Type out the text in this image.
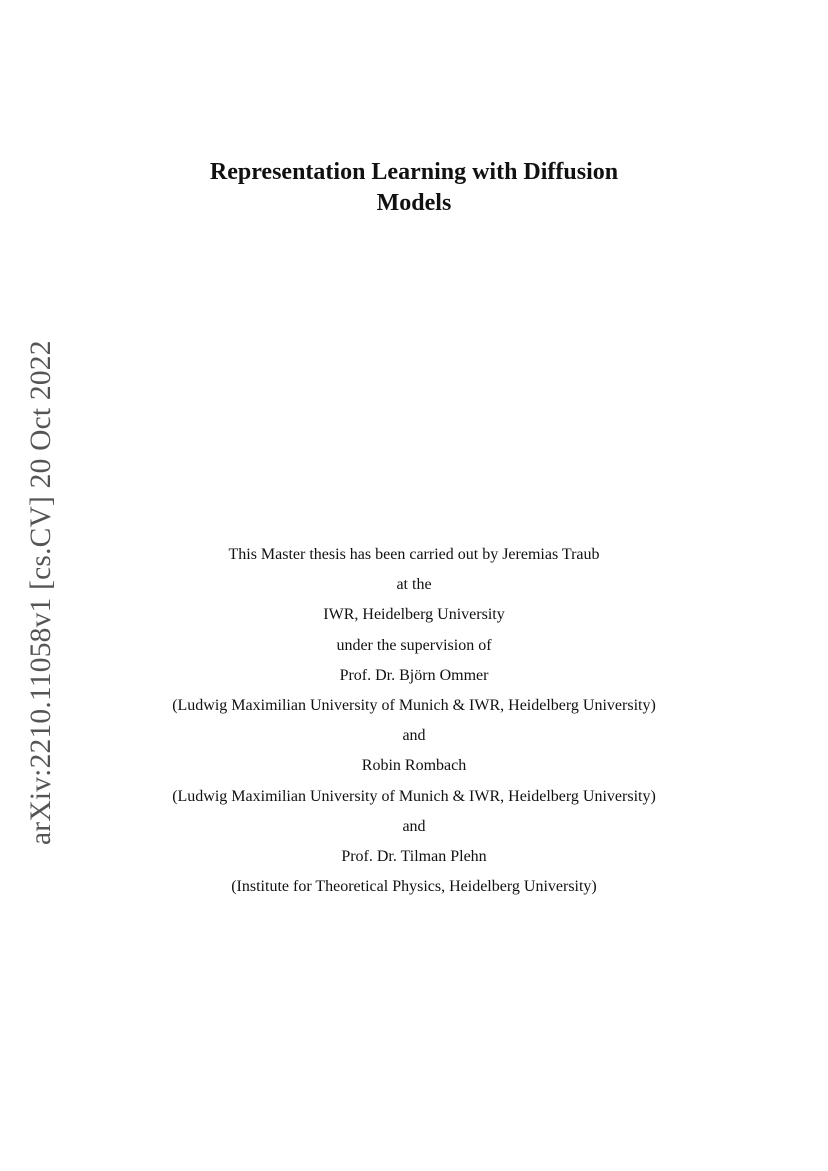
Representation Learning with Diffusion
Models
arXiv:2210.11058v1 [cs.CV] 20 Oct 2022	This Master thesis has been carried out by Jeremias Traub
at the
IWR, Heidelberg University
under the supervision of
Prof. Dr. Björn Ommer
(Ludwig Maximilian University of Munich & IWR, Heidelberg University)
and
Robin Rombach
(Ludwig Maximilian University of Munich & IWR, Heidelberg University)
and
Prof. Dr. Tilman Plehn
(Institute for Theoretical Physics, Heidelberg University)
